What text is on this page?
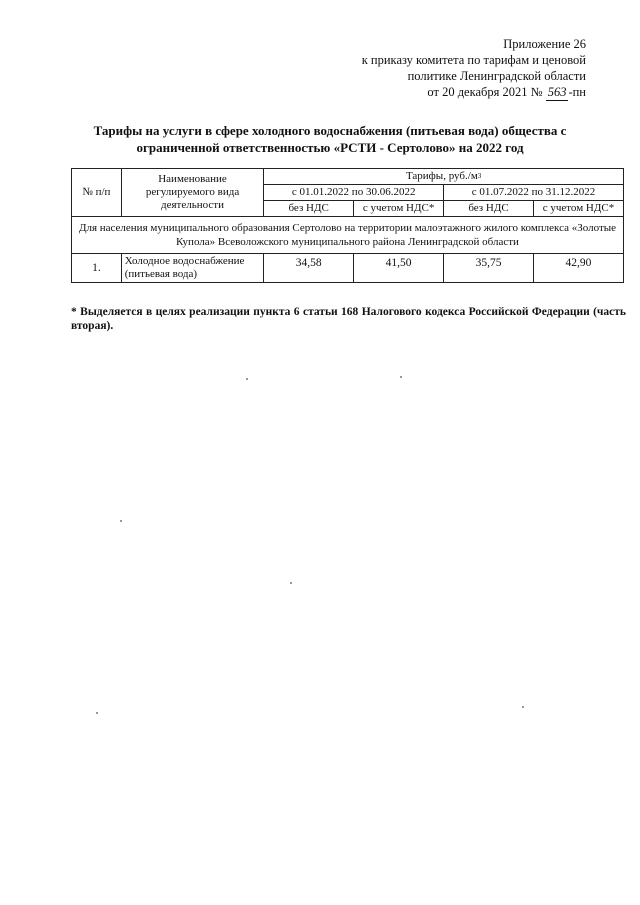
Приложение 26
к приказу комитета по тарифам и ценовой
политике Ленинградской области
от 20 декабря 2021 № 563 -пн
Тарифы на услуги в сфере холодного водоснабжения (питьевая вода) общества с
ограниченной ответственностью «РСТИ - Сертолово» на 2022 год
№ п/п	Наименование регулируемого вида деятельности	Тарифы, $руб./м^3$
		с 01.01.2022 по 30.06.2022		с 01.07.2022 по 31.12.2022	
		без НДС	с учетом НДС*	без НДС	с учетом НДС*
Для населения муниципального образования Сертолово на территории малоэтажного жилого комплекса «Золотые Купола» Всеволожского муниципального района Ленинградской области					
1.	Холодное водоснабжение (питьевая вода)	34,58	41,50	35,75	42,90
* Выделяется в целях реализации пункта 6 статьи 168 Налогового кодекса Российской Федерации (часть вторая).
